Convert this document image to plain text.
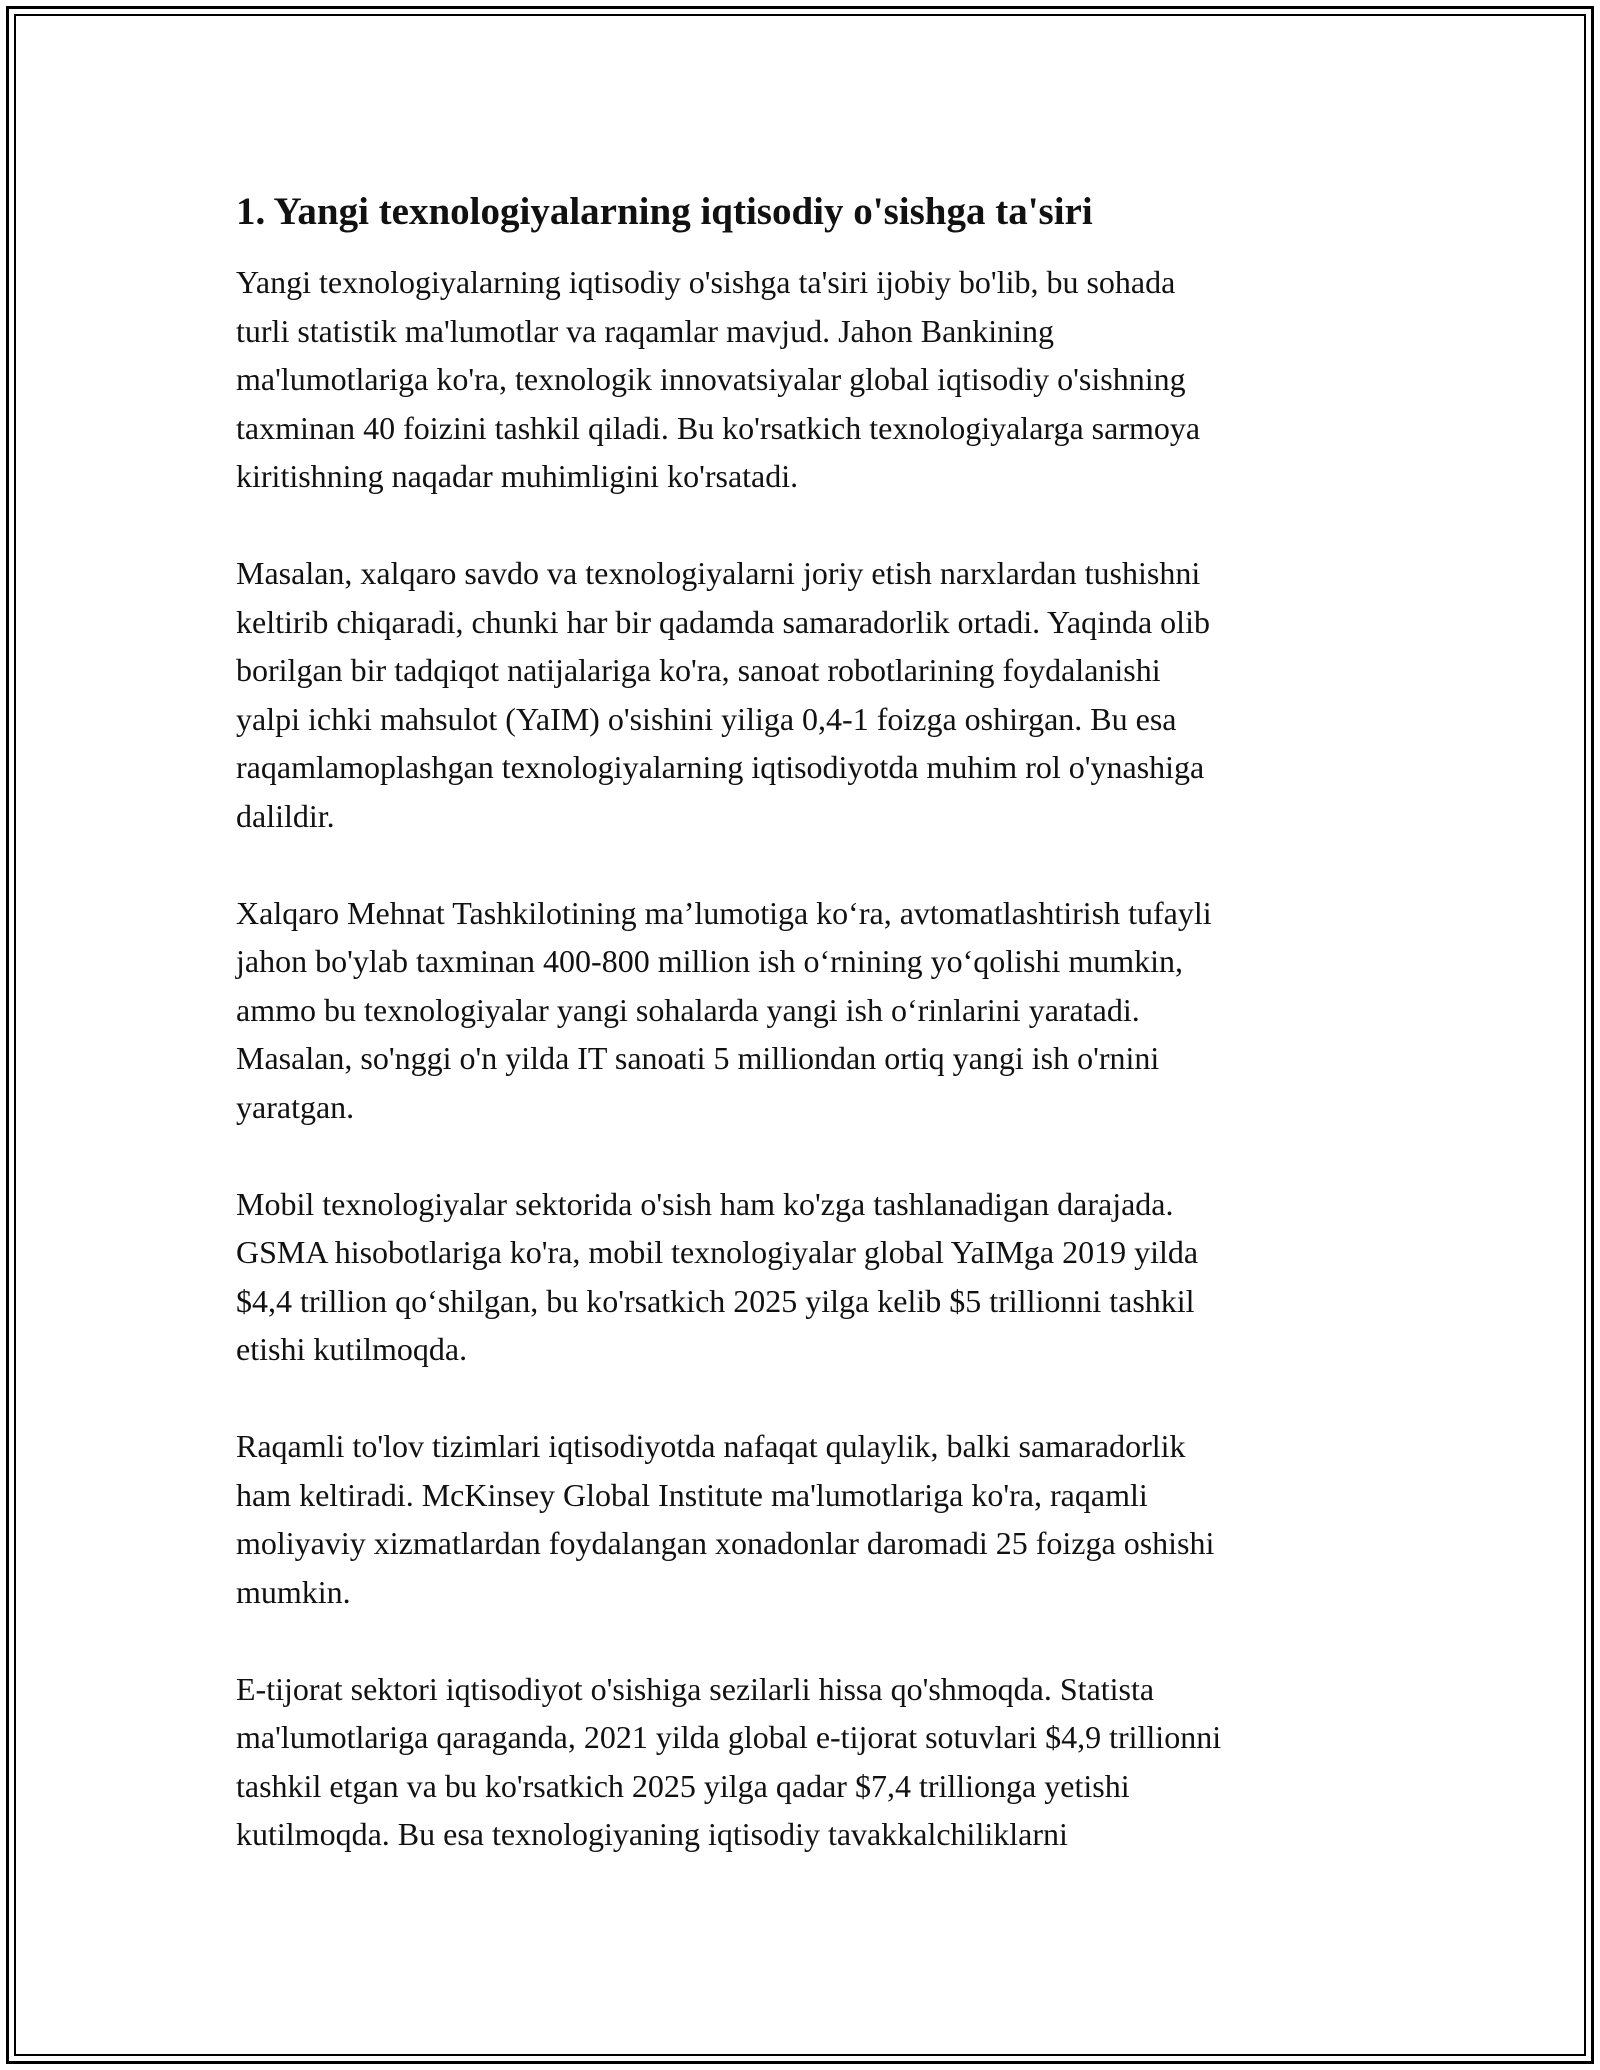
1. Yangi texnologiyalarning iqtisodiy o'sishga ta'siri

Yangi texnologiyalarning iqtisodiy o'sishga ta'siri ijobiy bo'lib, bu sohada
turli statistik ma'lumotlar va raqamlar mavjud. Jahon Bankining
ma'lumotlariga ko'ra, texnologik innovatsiyalar global iqtisodiy o'sishning
taxminan 40 foizini tashkil qiladi. Bu ko'rsatkich texnologiyalarga sarmoya
kiritishning naqadar muhimligini ko'rsatadi.

Masalan, xalqaro savdo va texnologiyalarni joriy etish narxlardan tushishni
keltirib chiqaradi, chunki har bir qadamda samaradorlik ortadi. Yaqinda olib
borilgan bir tadqiqot natijalariga ko'ra, sanoat robotlarining foydalanishi
yalpi ichki mahsulot (YaIM) o'sishini yiliga 0,4-1 foizga oshirgan. Bu esa
raqamlamoplashgan texnologiyalarning iqtisodiyotda muhim rol o'ynashiga
dalildir.

Xalqaro Mehnat Tashkilotining ma’lumotiga ko‘ra, avtomatlashtirish tufayli
jahon bo'ylab taxminan 400-800 million ish o‘rnining yo‘qolishi mumkin,
ammo bu texnologiyalar yangi sohalarda yangi ish o‘rinlarini yaratadi.
Masalan, so'nggi o'n yilda IT sanoati 5 milliondan ortiq yangi ish o'rnini
yaratgan.

Mobil texnologiyalar sektorida o'sish ham ko'zga tashlanadigan darajada.
GSMA hisobotlariga ko'ra, mobil texnologiyalar global YaIMga 2019 yilda
$4,4 trillion qo‘shilgan, bu ko'rsatkich 2025 yilga kelib $5 trillionni tashkil
etishi kutilmoqda.

Raqamli to'lov tizimlari iqtisodiyotda nafaqat qulaylik, balki samaradorlik
ham keltiradi. McKinsey Global Institute ma'lumotlariga ko'ra, raqamli
moliyaviy xizmatlardan foydalangan xonadonlar daromadi 25 foizga oshishi
mumkin.

E-tijorat sektori iqtisodiyot o'sishiga sezilarli hissa qo'shmoqda. Statista
ma'lumotlariga qaraganda, 2021 yilda global e-tijorat sotuvlari $4,9 trillionni
tashkil etgan va bu ko'rsatkich 2025 yilga qadar $7,4 trillionga yetishi
kutilmoqda. Bu esa texnologiyaning iqtisodiy tavakkalchiliklarni
